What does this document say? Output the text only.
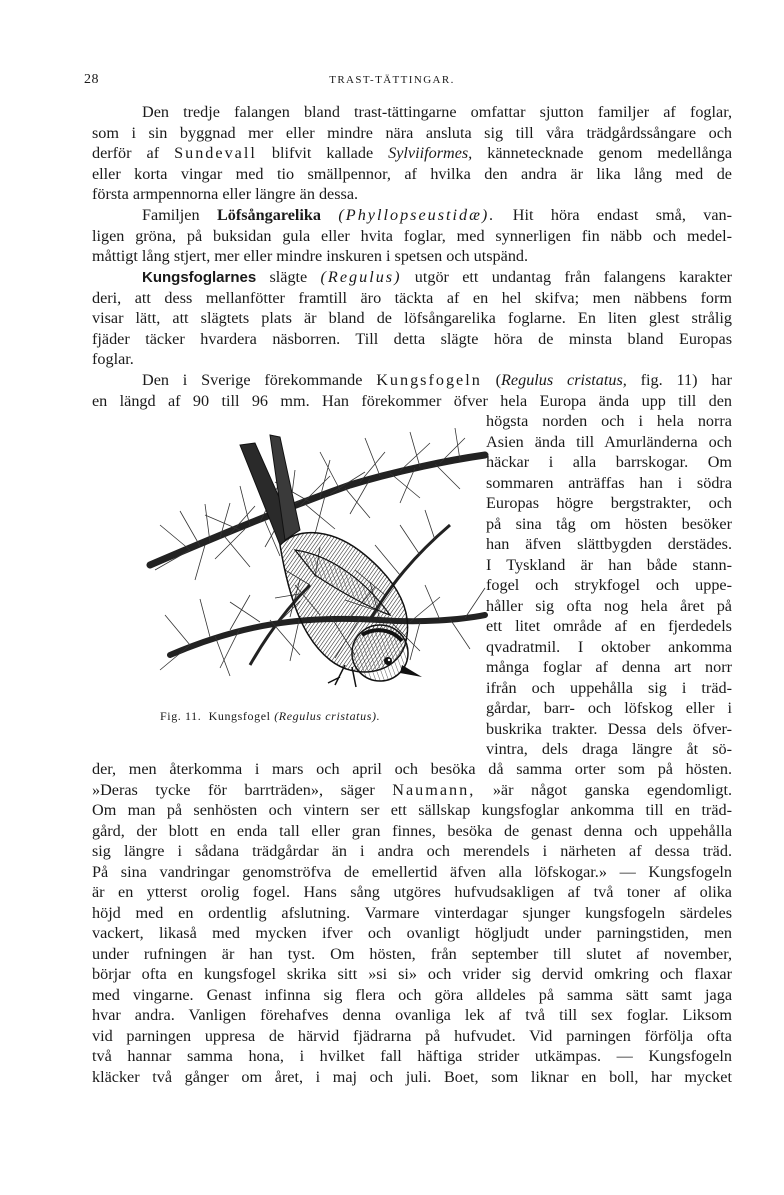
28	TRAST-TÄTTINGAR.
Den tredje falangen bland trast-tättingarne omfattar sjutton familjer af foglar,
som i sin byggnad mer eller mindre nära ansluta sig till våra trädgårdssångare och
derför af Sundevall blifvit kallade Sylviiformes, kännetecknade genom medellånga
eller korta vingar med tio smällpennor, af hvilka den andra är lika lång med de
första armpennorna eller längre än dessa.
Familjen Löfsångarelika (Phyllopseustidæ). Hit höra endast små, van-
ligen gröna, på buksidan gula eller hvita foglar, med synnerligen fin näbb och medel-
måttigt lång stjert, mer eller mindre inskuren i spetsen och utspänd.
Kungsfoglarnes slägte (Regulus) utgör ett undantag från falangens karakter
deri, att dess mellanfötter framtill äro täckta af en hel skifva; men näbbens form
visar lätt, att slägtets plats är bland de löfsångarelika foglarne. En liten glest strålig
fjäder täcker hvardera näsborren. Till detta slägte höra de minsta bland Europas
foglar.
Den i Sverige förekommande Kungsfogeln (Regulus cristatus, fig. 11) har
en längd af 90 till 96 mm. Han förekommer öfver hela Europa ända upp till den
Fig. 11. Kungsfogel (Regulus cristatus).
högsta norden och i hela norra
Asien ända till Amurländerna och
häckar i alla barrskogar. Om
sommaren anträffas han i södra
Europas högre bergstrakter, och
på sina tåg om hösten besöker
han äfven slättbygden derstädes.
I Tyskland är han både stann-
fogel och strykfogel och uppe-
håller sig ofta nog hela året på
ett litet område af en fjerdedels
qvadratmil. I oktober ankomma
många foglar af denna art norr
ifrån och uppehålla sig i träd-
gårdar, barr- och löfskog eller i
buskrika trakter. Dessa dels öfver-
vintra, dels draga längre åt sö-
der, men återkomma i mars och april och besöka då samma orter som på hösten.
»Deras tycke för barrträden», säger Naumann, »är något ganska egendomligt.
Om man på senhösten och vintern ser ett sällskap kungsfoglar ankomma till en träd-
gård, der blott en enda tall eller gran finnes, besöka de genast denna och uppehålla
sig längre i sådana trädgårdar än i andra och merendels i närheten af dessa träd.
På sina vandringar genomströfva de emellertid äfven alla löfskogar.» — Kungsfogeln
är en ytterst orolig fogel. Hans sång utgöres hufvudsakligen af två toner af olika
höjd med en ordentlig afslutning. Varmare vinterdagar sjunger kungsfogeln särdeles
vackert, likaså med mycken ifver och ovanligt högljudt under parningstiden, men
under rufningen är han tyst. Om hösten, från september till slutet af november,
börjar ofta en kungsfogel skrika sitt »si si» och vrider sig dervid omkring och flaxar
med vingarne. Genast infinna sig flera och göra alldeles på samma sätt samt jaga
hvar andra. Vanligen förehafves denna ovanliga lek af två till sex foglar. Liksom
vid parningen uppresa de härvid fjädrarna på hufvudet. Vid parningen förfölja ofta
två hannar samma hona, i hvilket fall häftiga strider utkämpas. — Kungsfogeln
kläcker två gånger om året, i maj och juli. Boet, som liknar en boll, har mycket
